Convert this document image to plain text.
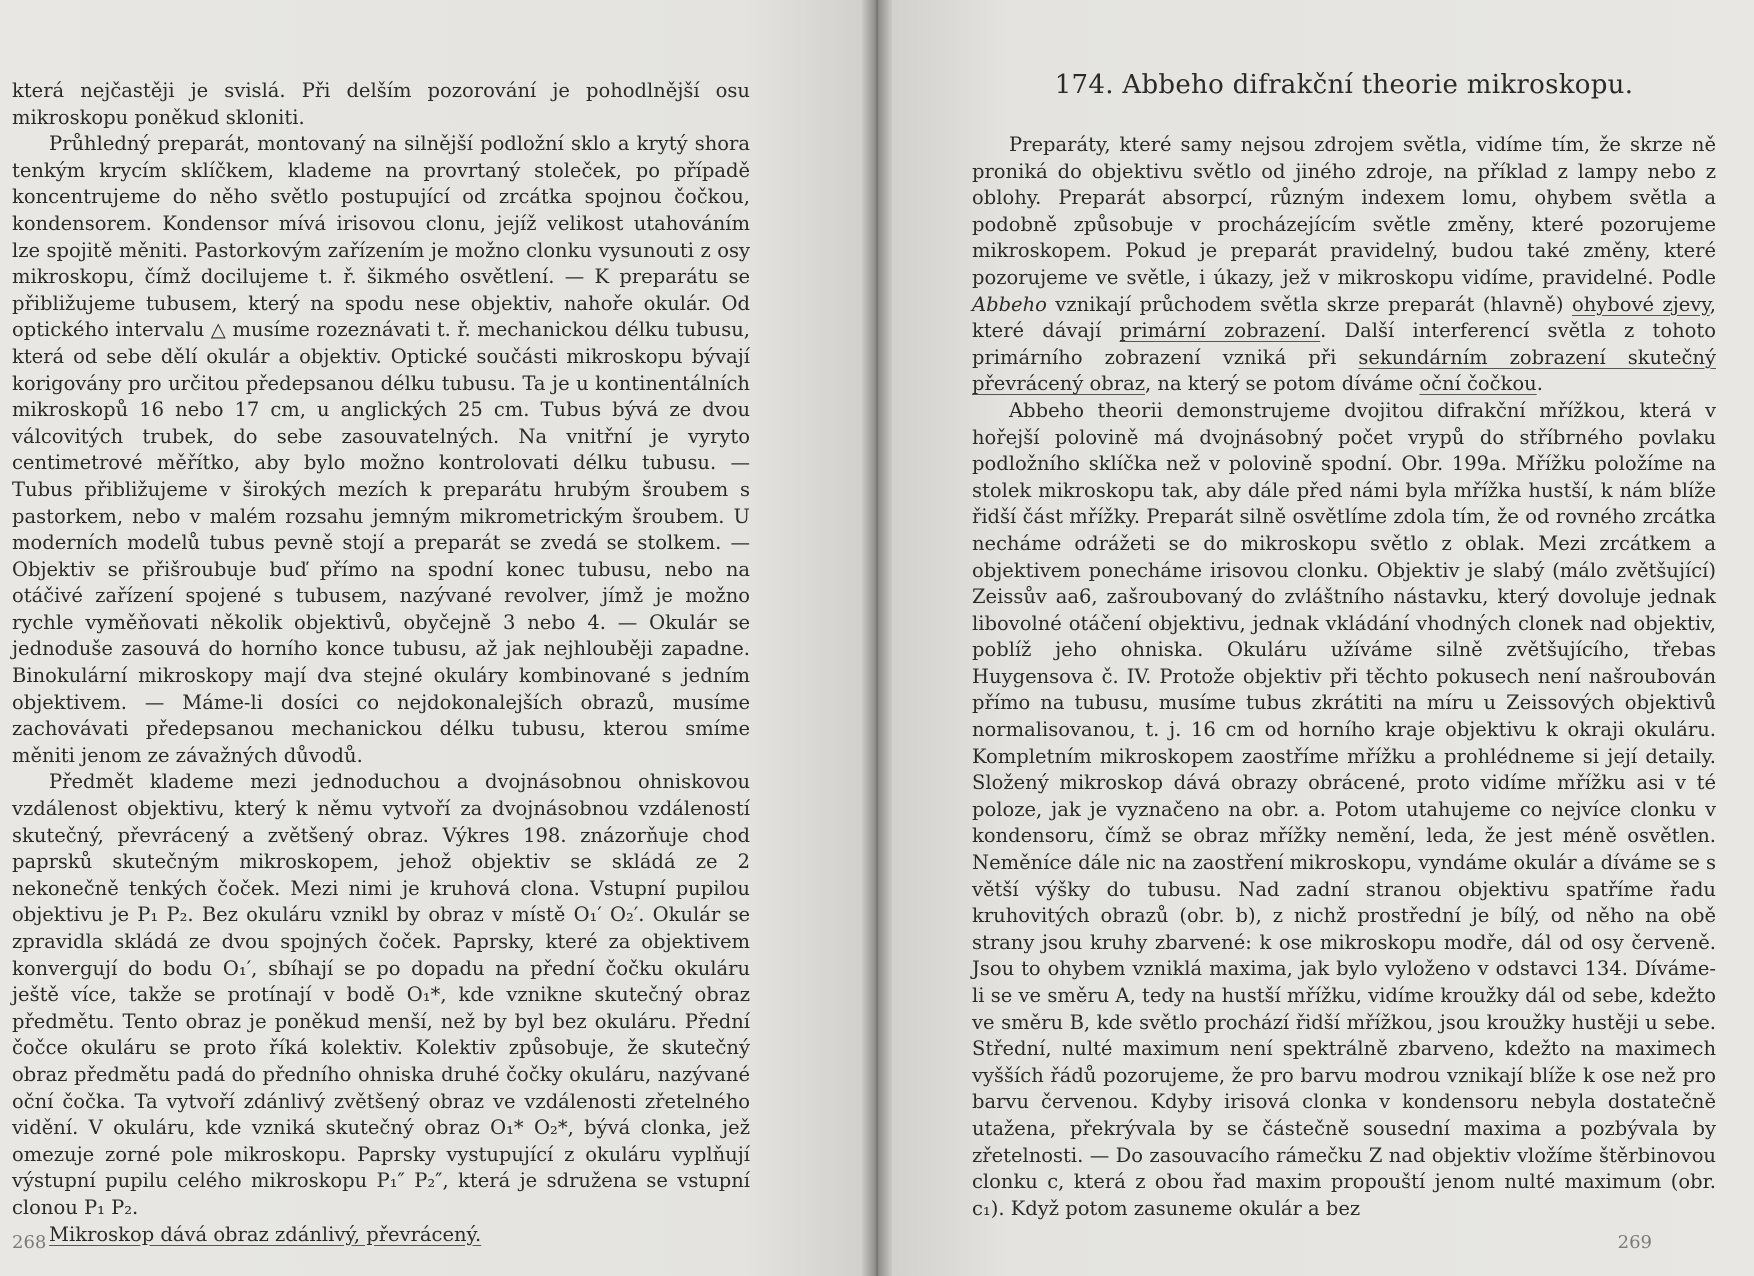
která nejčastěji je svislá. Při delším pozorování je pohodlnější osu mikroskopu poněkud skloniti.

Průhledný preparát, montovaný na silnější podložní sklo a krytý shora tenkým krycím sklíčkem, klademe na provrtaný stoleček, po případě koncentrujeme do něho světlo postupující od zrcátka spojnou čočkou, kondensorem. Kondensor mívá irisovou clonu, jejíž velikost utahováním lze spojitě měniti. Pastorkovým zařízením je možno clonku vysunouti z osy mikroskopu, čímž docilujeme t. ř. šikmého osvětlení. — K preparátu se přibližujeme tubusem, který na spodu nese objektiv, nahoře okulár. Od optického intervalu △ musíme rozeznávati t. ř. mechanickou délku tubusu, která od sebe dělí okulár a objektiv. Optické součásti mikroskopu bývají korigovány pro určitou předepsanou délku tubusu. Ta je u kontinentálních mikroskopů 16 nebo 17 cm, u anglických 25 cm. Tubus bývá ze dvou válcovitých trubek, do sebe zasouvatelných. Na vnitřní je vyryto centimetrové měřítko, aby bylo možno kontrolovati délku tubusu. — Tubus přibližujeme v širokých mezích k preparátu hrubým šroubem s pastorkem, nebo v malém rozsahu jemným mikrometrickým šroubem. U moderních modelů tubus pevně stojí a preparát se zvedá se stolkem. — Objektiv se přišroubuje buď přímo na spodní konec tubusu, nebo na otáčivé zařízení spojené s tubusem, nazývané revolver, jímž je možno rychle vyměňovati několik objektivů, obyčejně 3 nebo 4. — Okulár se jednoduše zasouvá do horního konce tubusu, až jak nejhlouběji zapadne. Binokulární mikroskopy mají dva stejné okuláry kombinované s jedním objektivem. — Máme-li dosíci co nejdokonalejších obrazů, musíme zachovávati předepsanou mechanickou délku tubusu, kterou smíme měniti jenom ze závažných důvodů.

Předmět klademe mezi jednoduchou a dvojnásobnou ohniskovou vzdálenost objektivu, který k němu vytvoří za dvojnásobnou vzdáleností skutečný, převrácený a zvětšený obraz. Výkres 198. znázorňuje chod paprsků skutečným mikroskopem, jehož objektiv se skládá ze 2 nekonečně tenkých čoček. Mezi nimi je kruhová clona. Vstupní pupilou objektivu je P₁ P₂. Bez okuláru vznikl by obraz v místě O₁′ O₂′. Okulár se zpravidla skládá ze dvou spojných čoček. Paprsky, které za objektivem konvergují do bodu O₁′, sbíhají se po dopadu na přední čočku okuláru ještě více, takže se protínají v bodě O₁*, kde vznikne skutečný obraz předmětu. Tento obraz je poněkud menší, než by byl bez okuláru. Přední čočce okuláru se proto říká kolektiv. Kolektiv způsobuje, že skutečný obraz předmětu padá do předního ohniska druhé čočky okuláru, nazývané oční čočka. Ta vytvoří zdánlivý zvětšený obraz ve vzdálenosti zřetelného vidění. V okuláru, kde vzniká skutečný obraz O₁* O₂*, bývá clonka, jež omezuje zorné pole mikroskopu. Paprsky vystupující z okuláru vyplňují výstupní pupilu celého mikroskopu P₁″ P₂″, která je sdružena se vstupní clonou P₁ P₂.

Mikroskop dává obraz zdánlivý, převrácený.

268
174. Abbeho difrakční theorie mikroskopu.

Preparáty, které samy nejsou zdrojem světla, vidíme tím, že skrze ně proniká do objektivu světlo od jiného zdroje, na příklad z lampy nebo z oblohy. Preparát absorpcí, různým indexem lomu, ohybem světla a podobně způsobuje v procházejícím světle změny, které pozorujeme mikroskopem. Pokud je preparát pravidelný, budou také změny, které pozorujeme ve světle, i úkazy, jež v mikroskopu vidíme, pravidelné. Podle Abbeho vznikají průchodem světla skrze preparát (hlavně) ohybové zjevy, které dávají primární zobrazení. Další interferencí světla z tohoto primárního zobrazení vzniká při sekundárním zobrazení skutečný převrácený obraz, na který se potom díváme oční čočkou.

Abbeho theorii demonstrujeme dvojitou difrakční mřížkou, která v hořejší polovině má dvojnásobný počet vrypů do stříbrného povlaku podložního sklíčka než v polovině spodní. Obr. 199a. Mřížku položíme na stolek mikroskopu tak, aby dále před námi byla mřížka hustší, k nám blíže řidší část mřížky. Preparát silně osvětlíme zdola tím, že od rovného zrcátka necháme odrážeti se do mikroskopu světlo z oblak. Mezi zrcátkem a objektivem ponecháme irisovou clonku. Objektiv je slabý (málo zvětšující) Zeissův aa6, zašroubovaný do zvláštního nástavku, který dovoluje jednak libovolné otáčení objektivu, jednak vkládání vhodných clonek nad objektiv, poblíž jeho ohniska. Okuláru užíváme silně zvětšujícího, třebas Huygensova č. IV. Protože objektiv při těchto pokusech není našroubován přímo na tubusu, musíme tubus zkrátiti na míru u Zeissových objektivů normalisovanou, t. j. 16 cm od horního kraje objektivu k okraji okuláru. Kompletním mikroskopem zaostříme mřížku a prohlédneme si její detaily. Složený mikroskop dává obrazy obrácené, proto vidíme mřížku asi v té poloze, jak je vyznačeno na obr. a. Potom utahujeme co nejvíce clonku v kondensoru, čímž se obraz mřížky nemění, leda, že jest méně osvětlen. Neměníce dále nic na zaostření mikroskopu, vyndáme okulár a díváme se s větší výšky do tubusu. Nad zadní stranou objektivu spatříme řadu kruhovitých obrazů (obr. b), z nichž prostřední je bílý, od něho na obě strany jsou kruhy zbarvené: k ose mikroskopu modře, dál od osy červeně. Jsou to ohybem vzniklá maxima, jak bylo vyloženo v odstavci 134. Díváme-li se ve směru A, tedy na hustší mřížku, vidíme kroužky dál od sebe, kdežto ve směru B, kde světlo prochází řidší mřížkou, jsou kroužky hustěji u sebe. Střední, nulté maximum není spektrálně zbarveno, kdežto na maximech vyšších řádů pozorujeme, že pro barvu modrou vznikají blíže k ose než pro barvu červenou. Kdyby irisová clonka v kondensoru nebyla dostatečně utažena, překrývala by se částečně sousední maxima a pozbývala by zřetelnosti. — Do zasouvacího rámečku Z nad objektiv vložíme štěrbinovou clonku c, která z obou řad maxim propouští jenom nulté maximum (obr. c₁). Když potom zasuneme okulár a bez

269
